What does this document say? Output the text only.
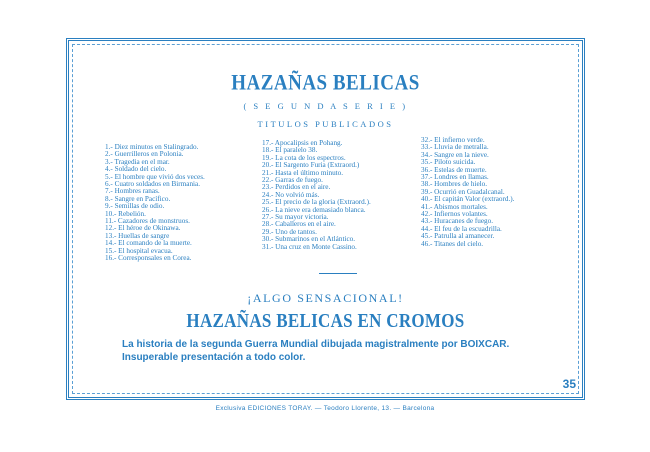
HAZAÑAS BELICAS
( S E G U N D A S E R I E )
TITULOS PUBLICADOS
1.- Diez minutos en Stalingrado.
2.- Guerrilleros en Polonia.
3.- Tragedia en el mar.
4.- Soldado del cielo.
5.- El hombre que vivió dos veces.
6.- Cuatro soldados en Birmania.
7.- Hombres ranas.
8.- Sangre en Pacífico.
9.- Semillas de odio.
10.- Rebelión.
11.- Cazadores de monstruos.
12.- El héroe de Okinawa.
13.- Huellas de sangre
14.- El comando de la muerte.
15.- El hospital evacua.
16.- Corresponsales en Corea.
17.- Apocalipsis en Pohang.
18.- El paralelo 38.
19.- La cota de los espectros.
20.- El Sargento Furia (Extraord.)
21.- Hasta el último minuto.
22.- Garras de fuego.
23.- Perdidos en el aire.
24.- No volvió más.
25.- El precio de la gloria (Extraord.).
26.- La nieve era demasiado blanca.
27.- Su mayor victoria.
28.- Caballeros en el aire.
29.- Uno de tantos.
30.- Submarinos en el Atlántico.
31.- Una cruz en Monte Cassino.
32.- El infierno verde.
33.- Lluvia de metralla.
34.- Sangre en la nieve.
35.- Piloto suicida.
36.- Estelas de muerte.
37.- Londres en llamas.
38.- Hombres de hielo.
39.- Ocurrió en Guadalcanal.
40.- El capitán Valor (extraord.).
41.- Abismos mortales.
42.- Infiernos volantes.
43.- Huracanes de fuego.
44.- El feu de la escuadrilla.
45.- Patrulla al amanecer.
46.- Titanes del cielo.
¡ALGO SENSACIONAL!
HAZAÑAS BELICAS EN CROMOS
La historia de la segunda Guerra Mundial dibujada magistralmente por BOIXCAR.
Insuperable presentación a todo color.
35
Exclusiva EDICIONES TORAY. — Teodoro Llorente, 13. — Barcelona
